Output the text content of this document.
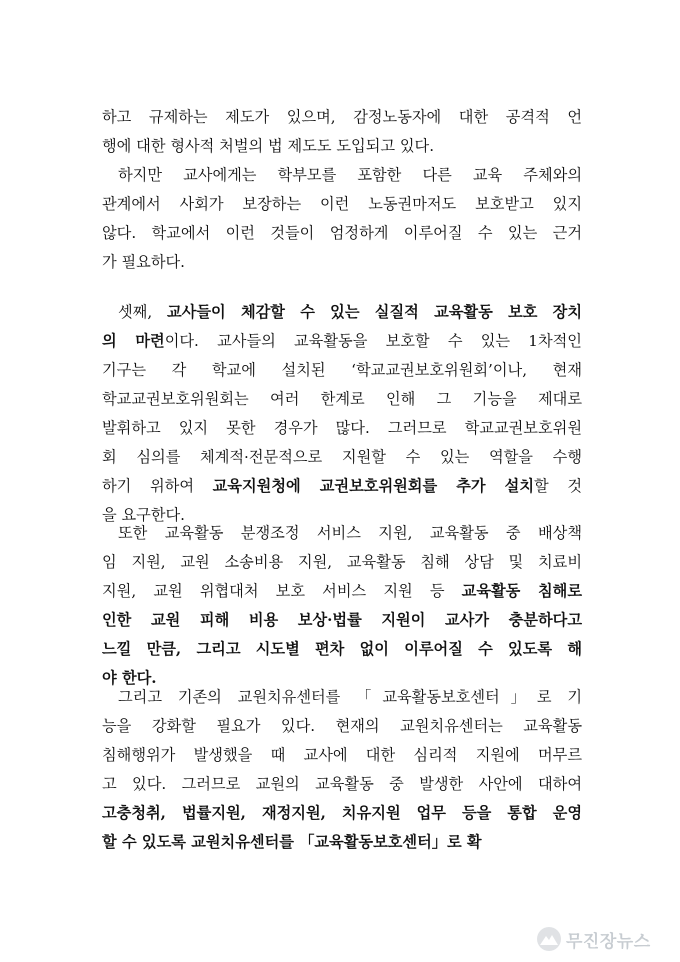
하고 규제하는 제도가 있으며, 감정노동자에 대한 공격적 언
행에 대한 형사적 처벌의 법 제도도 도입되고 있다.
하지만 교사에게는 학부모를 포함한 다른 교육 주체와의
관계에서 사회가 보장하는 이런 노동권마저도 보호받고 있지
않다. 학교에서 이런 것들이 엄정하게 이루어질 수 있는 근거
가 필요하다.
셋째, 교사들이 체감할 수 있는 실질적 교육활동 보호 장치
의 마련이다. 교사들의 교육활동을 보호할 수 있는 1차적인
기구는 각 학교에 설치된 ‘학교교권보호위원회’이나, 현재
학교교권보호위원회는 여러 한계로 인해 그 기능을 제대로
발휘하고 있지 못한 경우가 많다. 그러므로 학교교권보호위원
회 심의를 체계적·전문적으로 지원할 수 있는 역할을 수행
하기 위하여 교육지원청에 교권보호위원회를 추가 설치할 것
을 요구한다.
또한 교육활동 분쟁조정 서비스 지원, 교육활동 중 배상책
임 지원, 교원 소송비용 지원, 교육활동 침해 상담 및 치료비
지원, 교원 위협대처 보호 서비스 지원 등 교육활동 침해로
인한 교원 피해 비용 보상·법률 지원이 교사가 충분하다고
느낄 만큼, 그리고 시도별 편차 없이 이루어질 수 있도록 해
야 한다.
그리고 기존의 교원치유센터를 「교육활동보호센터」로 기
능을 강화할 필요가 있다. 현재의 교원치유센터는 교육활동
침해행위가 발생했을 때 교사에 대한 심리적 지원에 머무르
고 있다. 그러므로 교원의 교육활동 중 발생한 사안에 대하여
고충청취, 법률지원, 재정지원, 치유지원 업무 등을 통합 운영
할 수 있도록 교원치유센터를 「교육활동보호센터」로 확
무진장뉴스
